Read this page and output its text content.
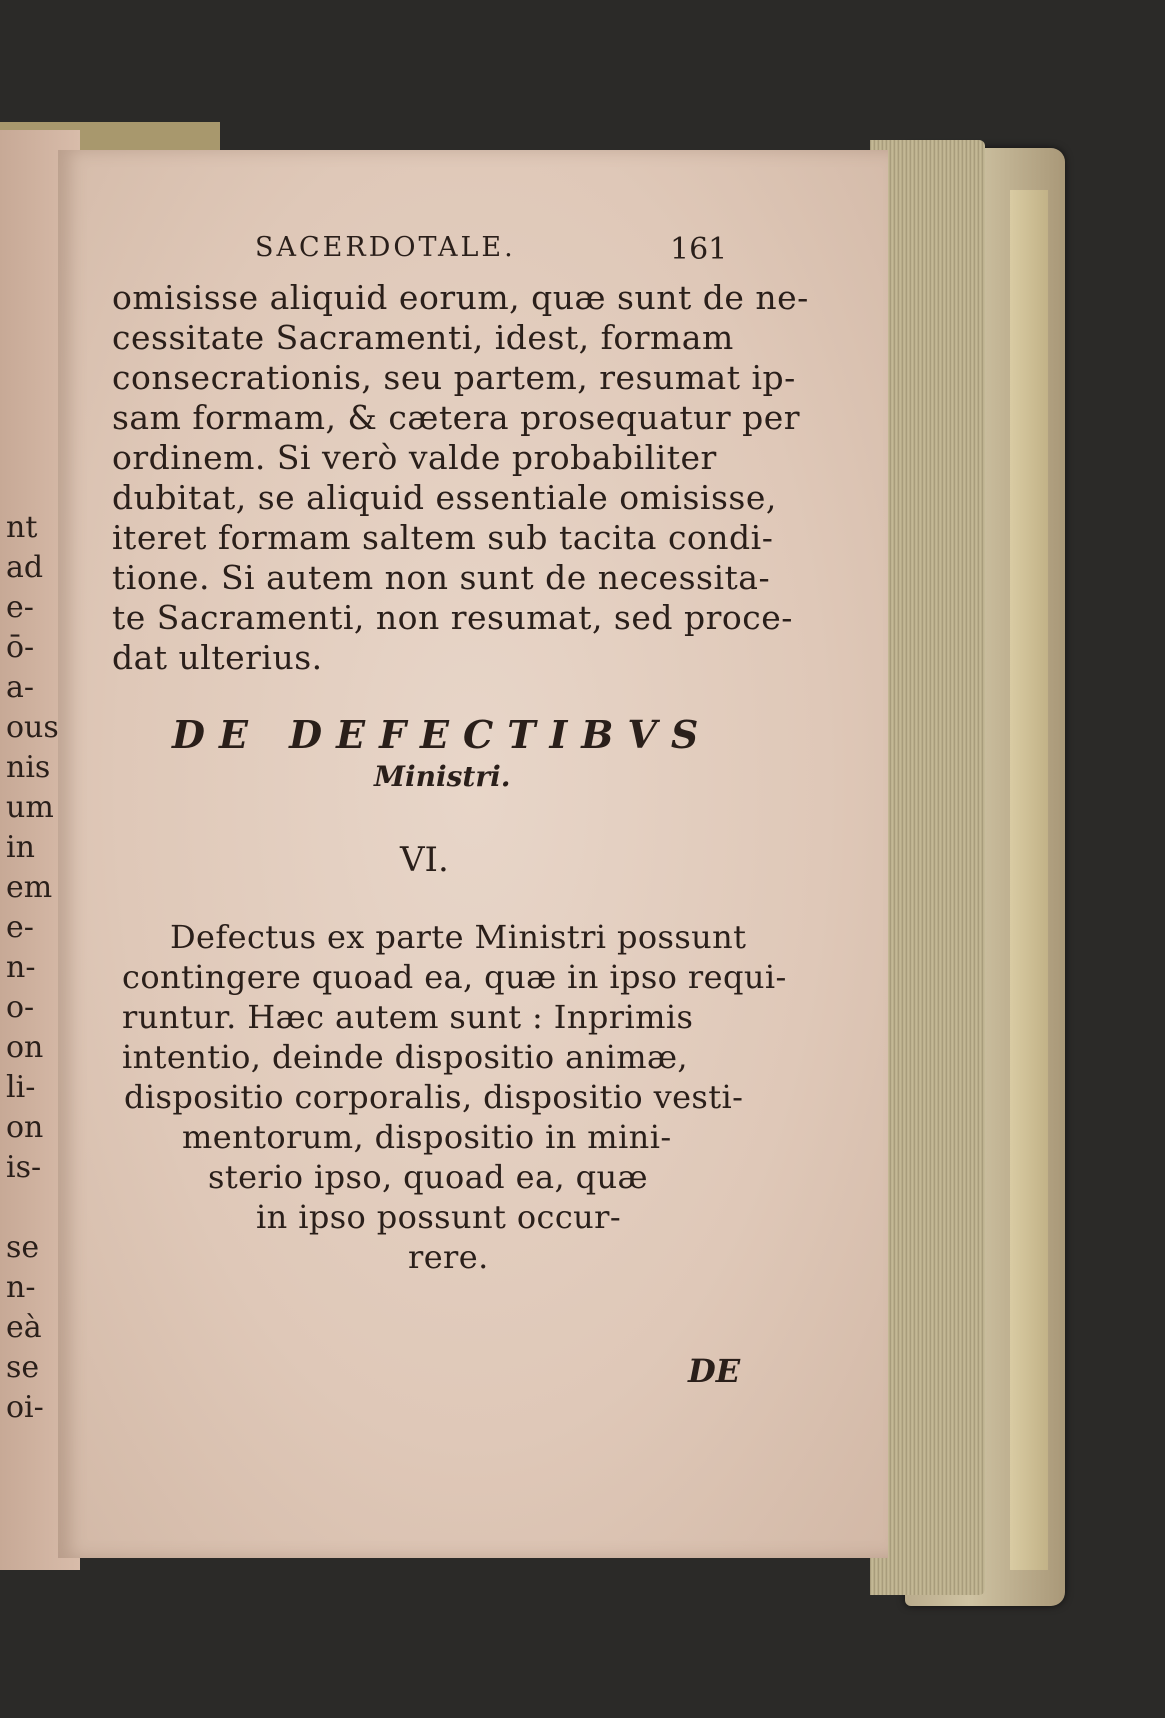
nt
ad
e-
ō-
a-
ous
nis
um
in
em
e-
n-
o-
on
li-
on
is-
se
n-
eà
se
oi-
SACERDOTALE.	161
omisisse aliquid eorum, quæ sunt de ne-
cessitate Sacramenti, idest, formam
consecrationis, seu partem, resumat ip-
sam formam, & cætera prosequatur per
ordinem. Si verò valde probabiliter
dubitat, se aliquid essentiale omisisse,
iteret formam saltem sub tacita condi-
tione. Si autem non sunt de necessita-
te Sacramenti, non resumat, sed proce-
dat ulterius.
DE DEFECTIBVS
Ministri.
VI.
Defectus ex parte Ministri possunt
contingere quoad ea, quæ in ipso requi-
runtur. Hæc autem sunt : Inprimis
intentio, deinde dispositio animæ,
dispositio corporalis, dispositio vesti-
mentorum, dispositio in mini-
sterio ipso, quoad ea, quæ
in ipso possunt occur-
rere.
DE
